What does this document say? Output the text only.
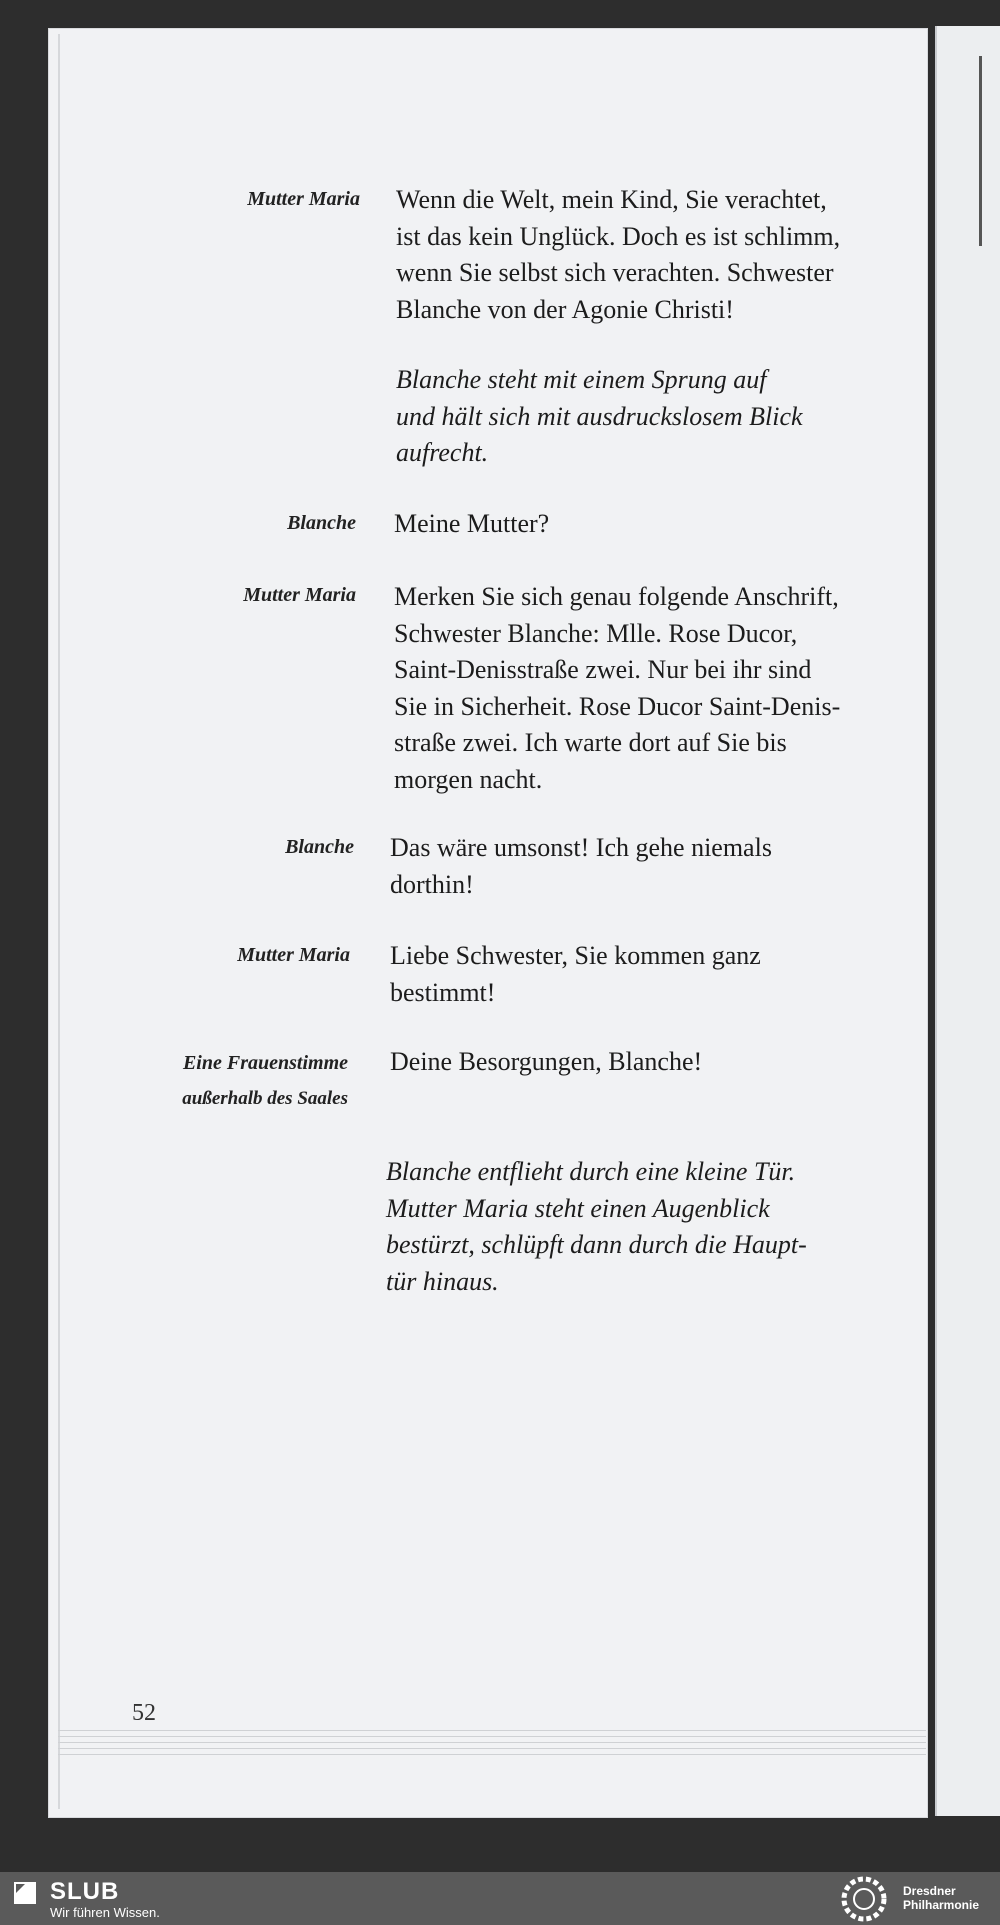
Mutter Maria Wenn die Welt, mein Kind, Sie verachtet,
ist das kein Unglück. Doch es ist schlimm,
wenn Sie selbst sich verachten. Schwester
Blanche von der Agonie Christi!
Blanche steht mit einem Sprung auf
und hält sich mit ausdruckslosem Blick
aufrecht.
Blanche Meine Mutter?
Mutter Maria Merken Sie sich genau folgende Anschrift,
Schwester Blanche: Mlle. Rose Ducor,
Saint-Denisstraße zwei. Nur bei ihr sind
Sie in Sicherheit. Rose Ducor Saint-Denis-
straße zwei. Ich warte dort auf Sie bis
morgen nacht.
Blanche Das wäre umsonst! Ich gehe niemals
dorthin!
Mutter Maria Liebe Schwester, Sie kommen ganz
bestimmt!
Eine Frauenstimme
außerhalb des Saales
Deine Besorgungen, Blanche!
Blanche entflieht durch eine kleine Tür.
Mutter Maria steht einen Augenblick
bestürzt, schlüpft dann durch die Haupt-
tür hinaus.
52
SLUB
Wir führen Wissen.
Dresdner
Philharmonie
